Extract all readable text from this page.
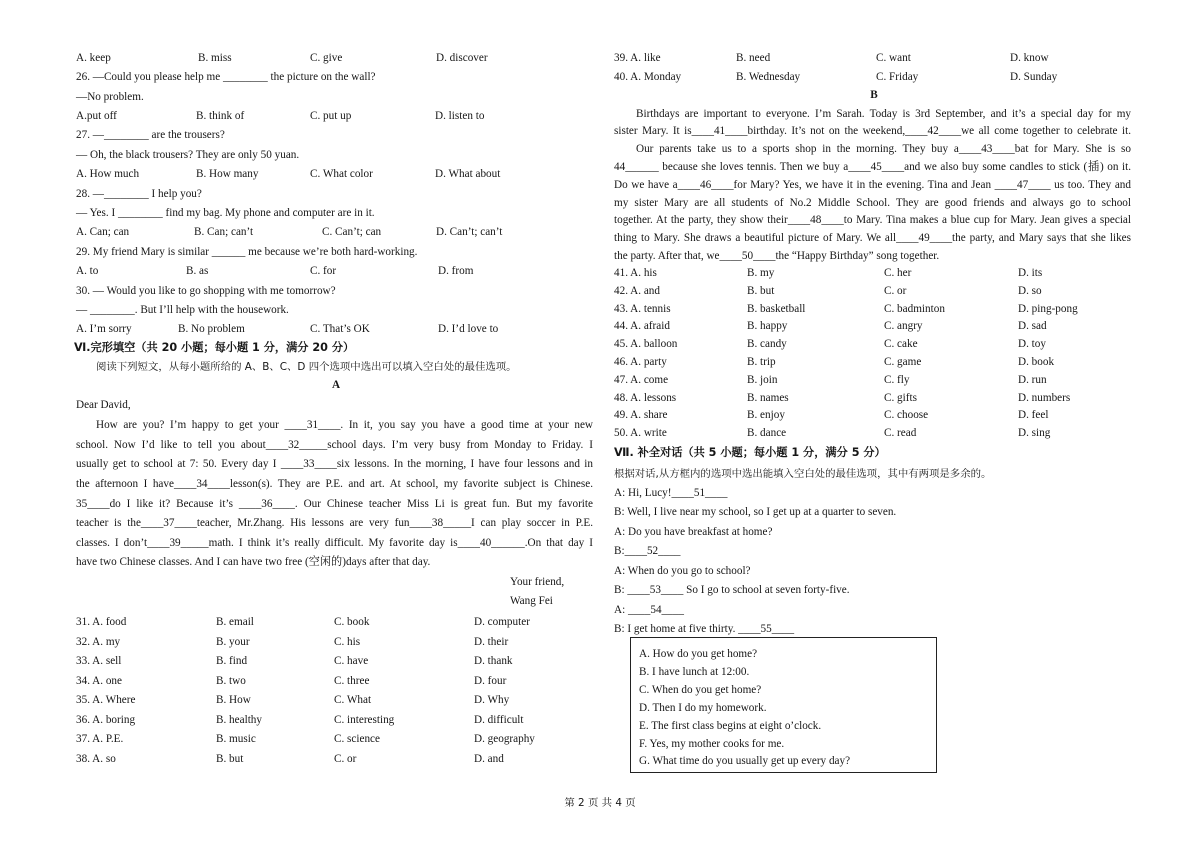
A. keep	B. miss	C. give	D. discover
26. —Could you please help me ________ the picture on the wall?
—No problem.
A.put off	B. think of	C. put up	D. listen to
27. —________ are the trousers?
— Oh, the black trousers? They are only 50 yuan.
A. How much	B. How many	C. What color	D. What about
28. —________ I help you?
— Yes. I ________ find my bag. My phone and computer are in it.
A. Can; can	B. Can; can’t	C. Can’t; can	D. Can’t; can’t
29. My friend Mary is similar ______ me because we’re both hard-working.
A. to	B. as	C. for	D. from
30. — Would you like to go shopping with me tomorrow?
— ________. But I’ll help with the housework.
A. I’m sorry	B. No problem	C. That’s OK	D. I’d love to
Ⅵ.完形填空（共 20 小题；每小题 1 分，满分 20 分）
阅读下列短文，从每小题所给的 A、B、C、D 四个选项中选出可以填入空白处的最佳选项。
A
Dear David,
How are you? I’m happy to get your ____31____. In it, you say you have a good time at your new
school. Now I’d like to tell you about____32_____school days. I’m very busy from Monday to Friday. I
usually get to school at 7: 50. Every day I ____33____six lessons. In the morning, I have four lessons and in
the afternoon I have____34____lesson(s). They are P.E. and art. At school, my favorite subject is Chinese.
35____do I like it? Because it’s ____36____. Our Chinese teacher Miss Li is great fun. But my favorite
teacher is the____37____teacher, Mr.Zhang. His lessons are very fun____38_____I can play soccer in P.E.
classes. I don’t____39_____math. I think it’s really difficult. My favorite day is____40______.On that day I
have two Chinese classes. And I can have two free (空闲的)days after that day.
Your friend,
Wang Fei
31. A. food	B. email	C. book	D. computer
32. A. my	B. your	C. his	D. their
33. A. sell	B. find	C. have	D. thank
34. A. one	B. two	C. three	D. four
35. A. Where	B. How	C. What	D. Why
36. A. boring	B. healthy	C. interesting	D. difficult
37. A. P.E.	B. music	C. science	D. geography
38. A. so	B. but	C. or	D. and
39. A. like	B. need	C. want	D. know
40. A. Monday	B. Wednesday	C. Friday	D. Sunday
B
Birthdays are important to everyone. I’m Sarah. Today is 3rd September, and it’s a special day for my
sister Mary. It is____41____birthday. It’s not on the weekend,____42____we all come together to celebrate it.
Our parents take us to a sports shop in the morning. They buy a____43____bat for Mary. She is so
44______ because she loves tennis. Then we buy a____45____and we also buy some candles to stick (插) on it.
Do we have a____46____for Mary? Yes, we have it in the evening. Tina and Jean ____47____ us too. They and
my sister Mary are all students of No.2 Middle School. They are good friends and always go to school
together. At the party, they show their____48____to Mary. Tina makes a blue cup for Mary. Jean gives a special
thing to Mary. She draws a beautiful picture of Mary. We all____49____the party, and Mary says that she likes
the party. After that, we____50____the “Happy Birthday” song together.
41. A. his	B. my	C. her	D. its
42. A. and	B. but	C. or	D. so
43. A. tennis	B. basketball	C. badminton	D. ping-pong
44. A. afraid	B. happy	C. angry	D. sad
45. A. balloon	B. candy	C. cake	D. toy
46. A. party	B. trip	C. game	D. book
47. A. come	B. join	C. fly	D. run
48. A. lessons	B. names	C. gifts	D. numbers
49. A. share	B. enjoy	C. choose	D. feel
50. A. write	B. dance	C. read	D. sing
Ⅶ. 补全对话（共 5 小题；每小题 1 分，满分 5 分）
根据对话,从方框内的选项中选出能填入空白处的最佳选项，其中有两项是多余的。
A: Hi, Lucy!____51____
B: Well, I live near my school, so I get up at a quarter to seven.
A: Do you have breakfast at home?
B:____52____
A: When do you go to school?
B: ____53____ So I go to school at seven forty-five.
A: ____54____
B: I get home at five thirty. ____55____
A. How do you get home?
B. I have lunch at 12:00.
C. When do you get home?
D. Then I do my homework.
E. The first class begins at eight o’clock.
F. Yes, my mother cooks for me.
G. What time do you usually get up every day?
第 2 页 共 4 页
